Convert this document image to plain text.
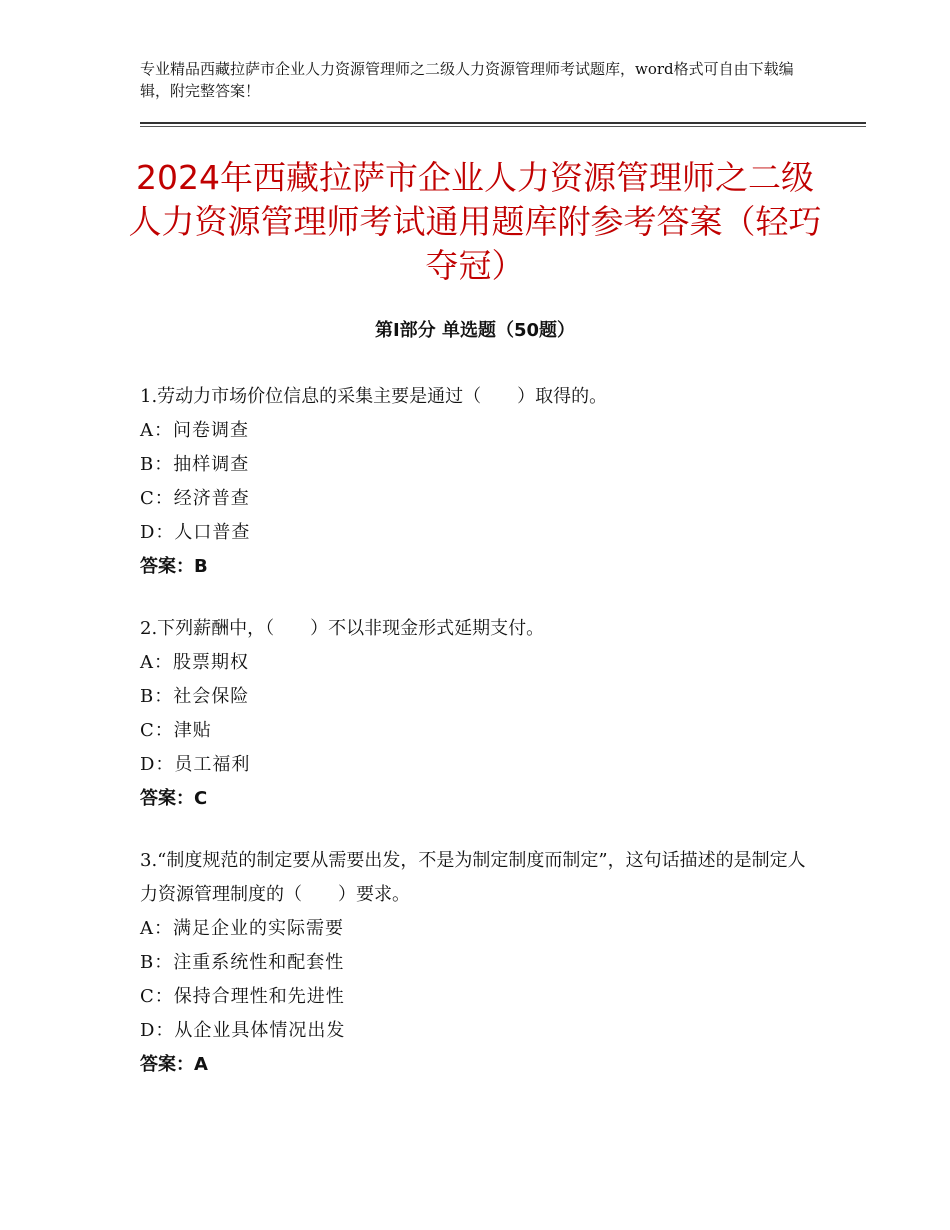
专业精品西藏拉萨市企业人力资源管理师之二级人力资源管理师考试题库，word格式可自由下载编辑，附完整答案！
2024年西藏拉萨市企业人力资源管理师之二级人力资源管理师考试通用题库附参考答案（轻巧夺冠）
第Ⅰ部分 单选题（50题）
1.劳动力市场价位信息的采集主要是通过（　　）取得的。
A：问卷调查
B：抽样调查
C：经济普查
D：人口普查
答案：B
2.下列薪酬中，（　　）不以非现金形式延期支付。
A：股票期权
B：社会保险
C：津贴
D：员工福利
答案：C
3.“制度规范的制定要从需要出发，不是为制定制度而制定”，这句话描述的是制定人力资源管理制度的（　　）要求。
A：满足企业的实际需要
B：注重系统性和配套性
C：保持合理性和先进性
D：从企业具体情况出发
答案：A
